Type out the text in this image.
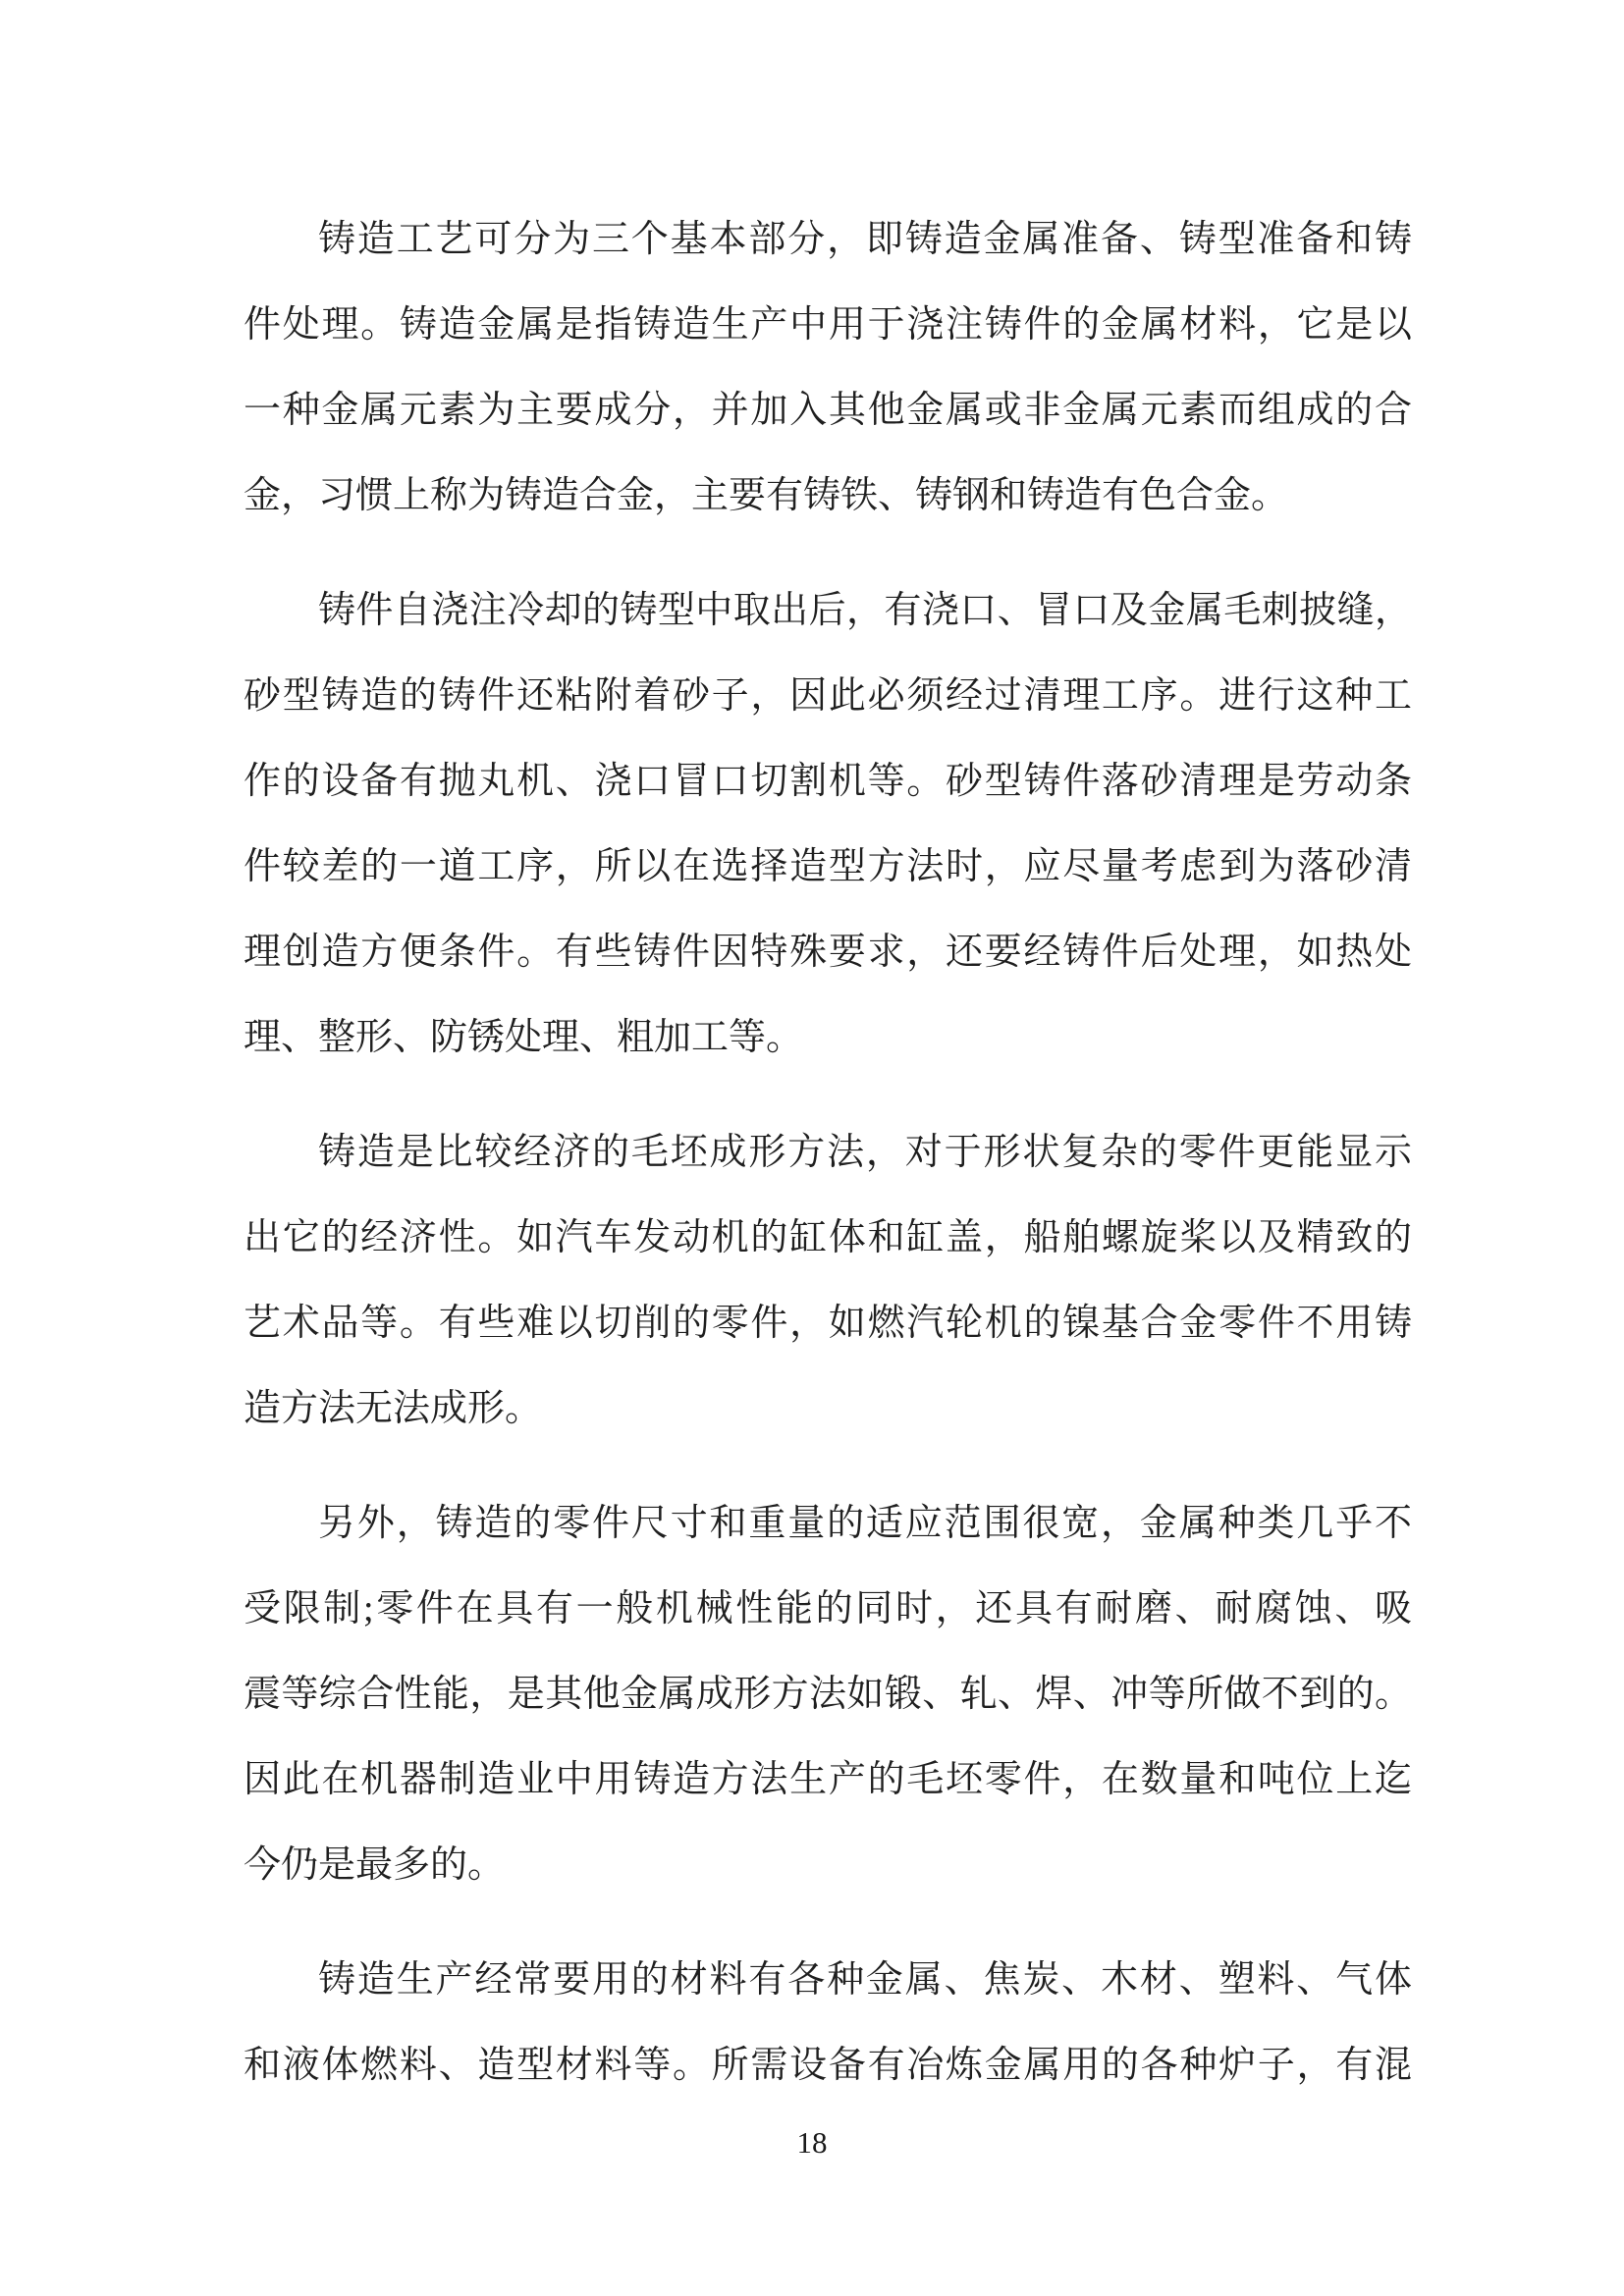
铸造工艺可分为三个基本部分，即铸造金属准备、铸型准备和铸
件处理。铸造金属是指铸造生产中用于浇注铸件的金属材料，它是以
一种金属元素为主要成分，并加入其他金属或非金属元素而组成的合
金，习惯上称为铸造合金，主要有铸铁、铸钢和铸造有色合金。

铸件自浇注冷却的铸型中取出后，有浇口、冒口及金属毛刺披缝，
砂型铸造的铸件还粘附着砂子，因此必须经过清理工序。进行这种工
作的设备有抛丸机、浇口冒口切割机等。砂型铸件落砂清理是劳动条
件较差的一道工序，所以在选择造型方法时，应尽量考虑到为落砂清
理创造方便条件。有些铸件因特殊要求，还要经铸件后处理，如热处
理、整形、防锈处理、粗加工等。

铸造是比较经济的毛坯成形方法，对于形状复杂的零件更能显示
出它的经济性。如汽车发动机的缸体和缸盖，船舶螺旋桨以及精致的
艺术品等。有些难以切削的零件，如燃汽轮机的镍基合金零件不用铸
造方法无法成形。

另外，铸造的零件尺寸和重量的适应范围很宽，金属种类几乎不
受限制;零件在具有一般机械性能的同时，还具有耐磨、耐腐蚀、吸
震等综合性能，是其他金属成形方法如锻、轧、焊、冲等所做不到的。
因此在机器制造业中用铸造方法生产的毛坯零件，在数量和吨位上迄
今仍是最多的。

铸造生产经常要用的材料有各种金属、焦炭、木材、塑料、气体
和液体燃料、造型材料等。所需设备有冶炼金属用的各种炉子，有混

18
